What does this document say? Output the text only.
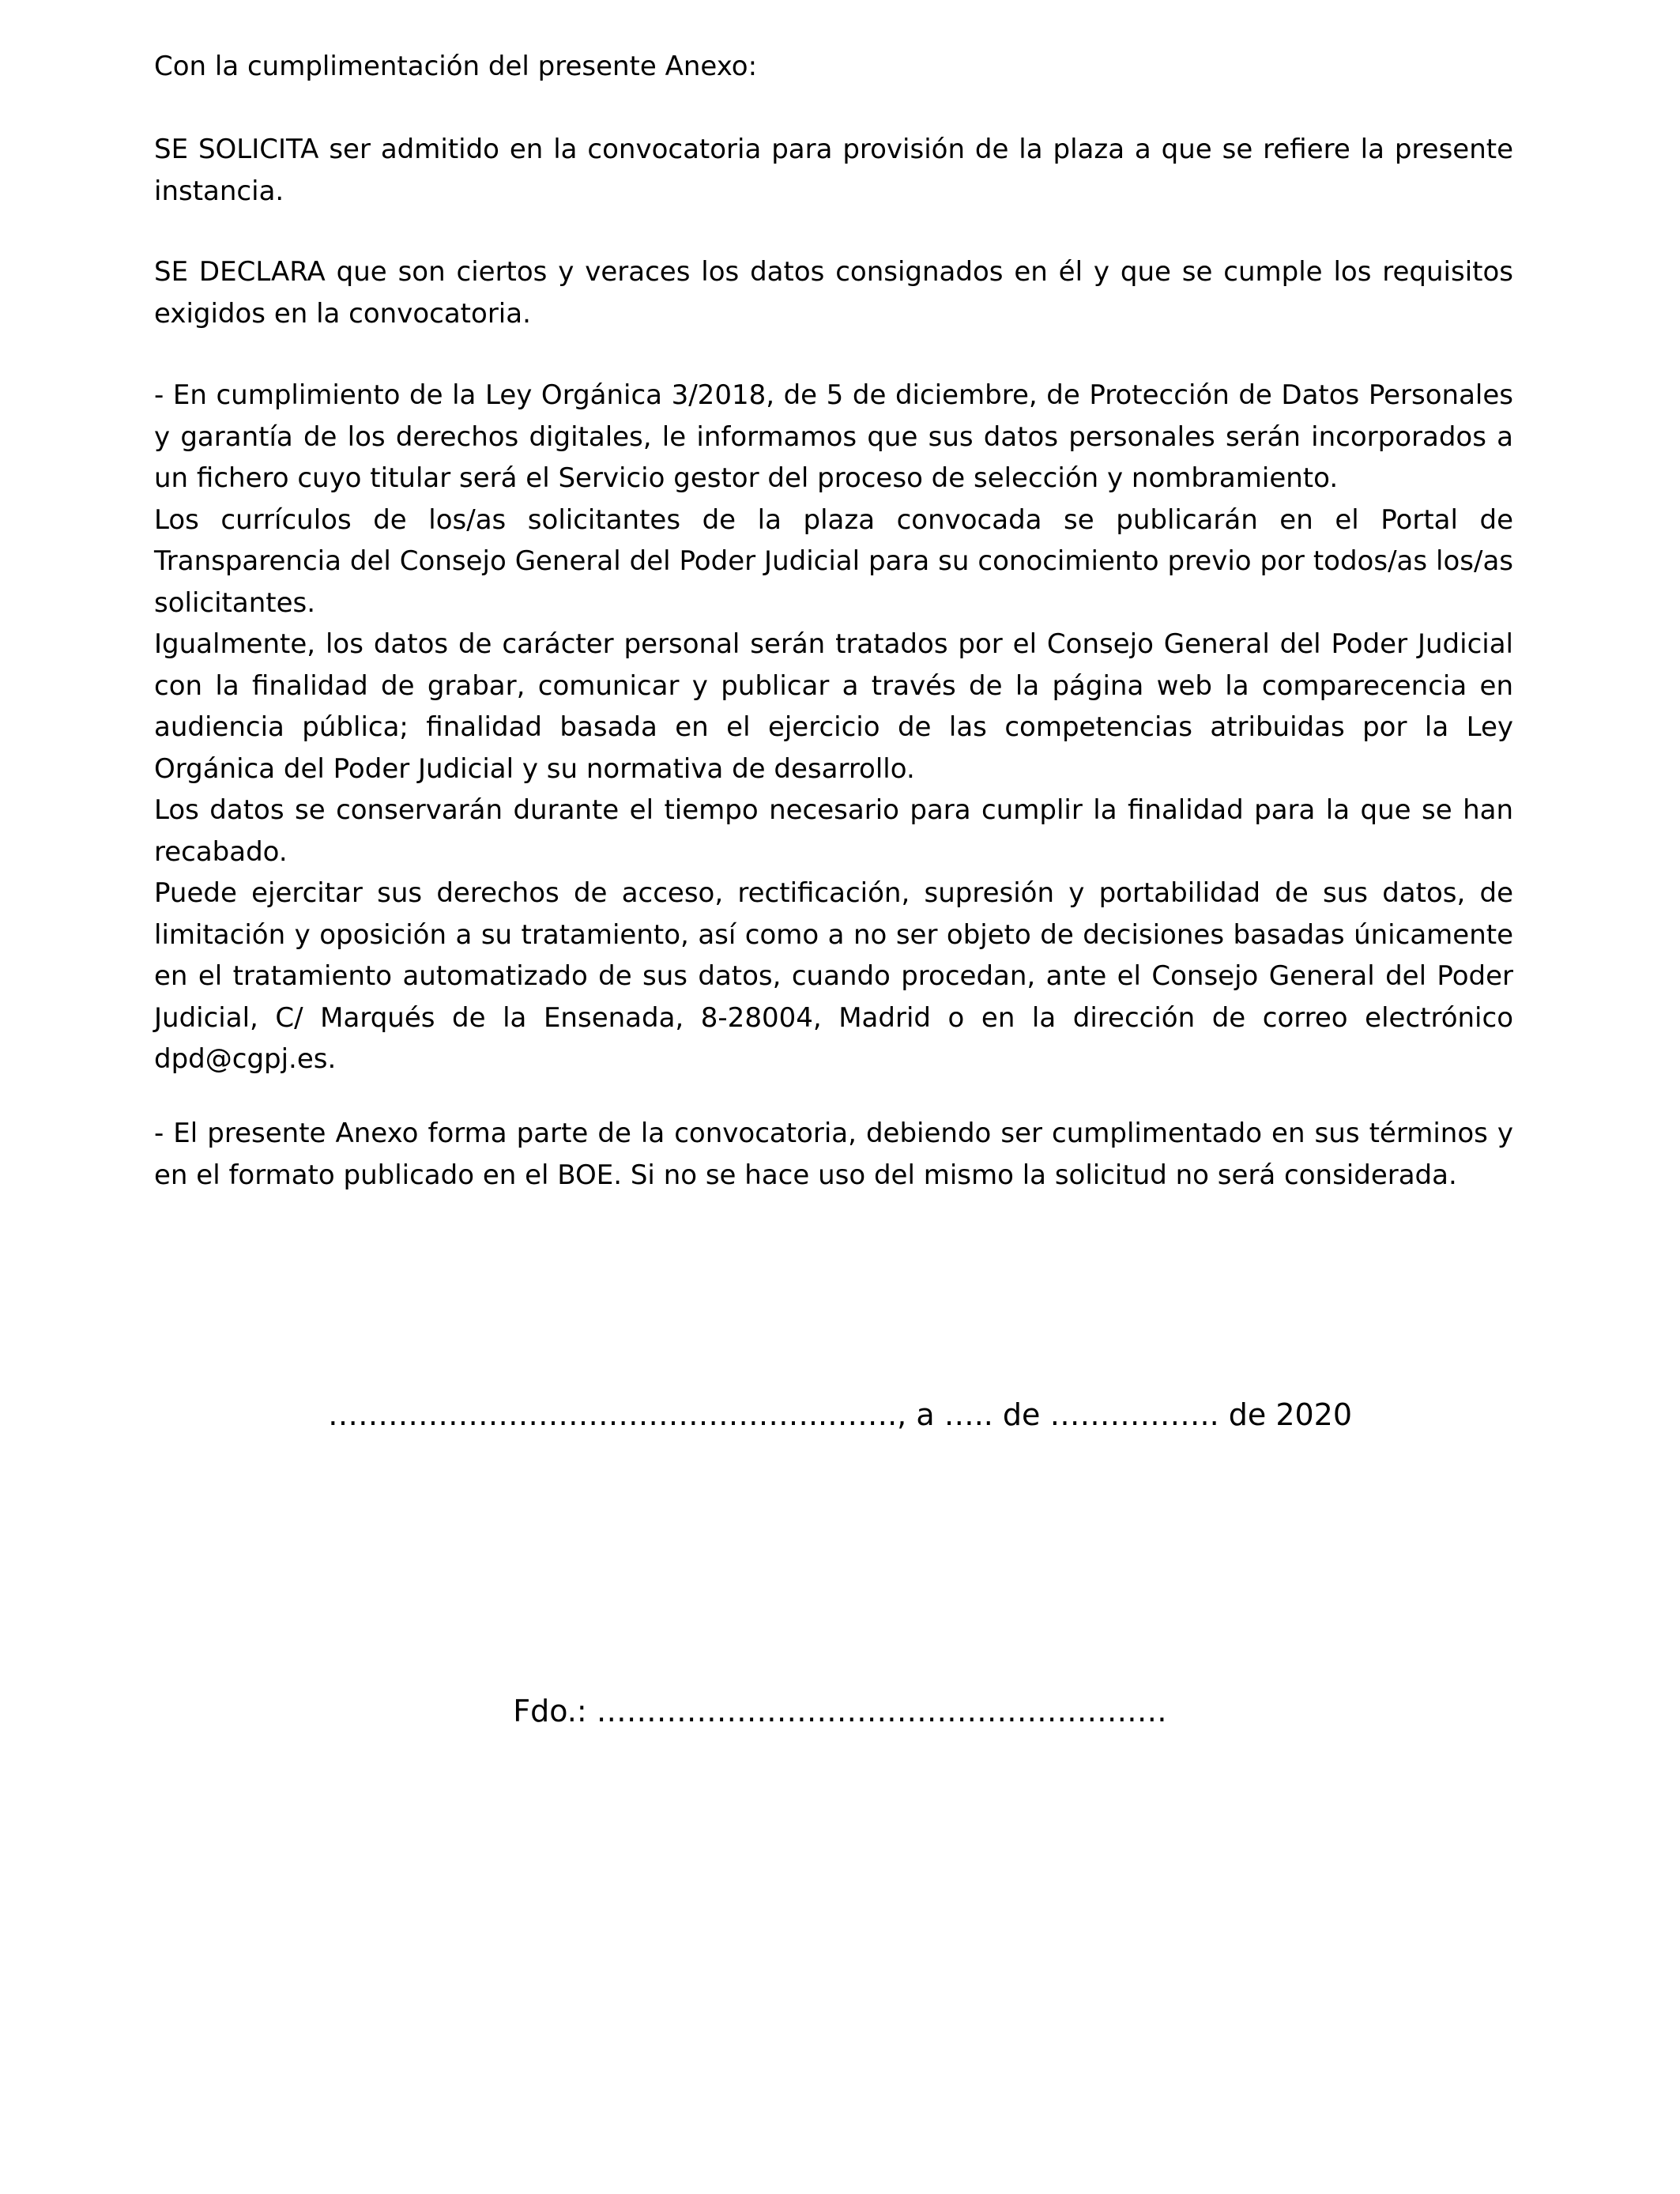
Con la cumplimentación del presente Anexo:

SE SOLICITA ser admitido en la convocatoria para provisión de la plaza a que se refiere la presente instancia.

SE DECLARA que son ciertos y veraces los datos consignados en él y que se cumple los requisitos exigidos en la convocatoria.

- En cumplimiento de la Ley Orgánica 3/2018, de 5 de diciembre, de Protección de Datos Personales y garantía de los derechos digitales, le informamos que sus datos personales serán incorporados a un fichero cuyo titular será el Servicio gestor del proceso de selección y nombramiento.

Los currículos de los/as solicitantes de la plaza convocada se publicarán en el Portal de Transparencia del Consejo General del Poder Judicial para su conocimiento previo por todos/as los/as solicitantes.

Igualmente, los datos de carácter personal serán tratados por el Consejo General del Poder Judicial con la finalidad de grabar, comunicar y publicar a través de la página web la comparecencia en audiencia pública; finalidad basada en el ejercicio de las competencias atribuidas por la Ley Orgánica del Poder Judicial y su normativa de desarrollo.

Los datos se conservarán durante el tiempo necesario para cumplir la finalidad para la que se han recabado.

Puede ejercitar sus derechos de acceso, rectificación, supresión y portabilidad de sus datos, de limitación y oposición a su tratamiento, así como a no ser objeto de decisiones basadas únicamente en el tratamiento automatizado de sus datos, cuando procedan, ante el Consejo General del Poder Judicial, C/ Marqués de la Ensenada, 8-28004, Madrid o en la dirección de correo electrónico dpd@cgpj.es.

- El presente Anexo forma parte de la convocatoria, debiendo ser cumplimentado en sus términos y en el formato publicado en el BOE. Si no se hace uso del mismo la solicitud no será considerada.

…………………………………………..……., a ….. de …………….. de 2020

Fdo.: …………………………………………………
